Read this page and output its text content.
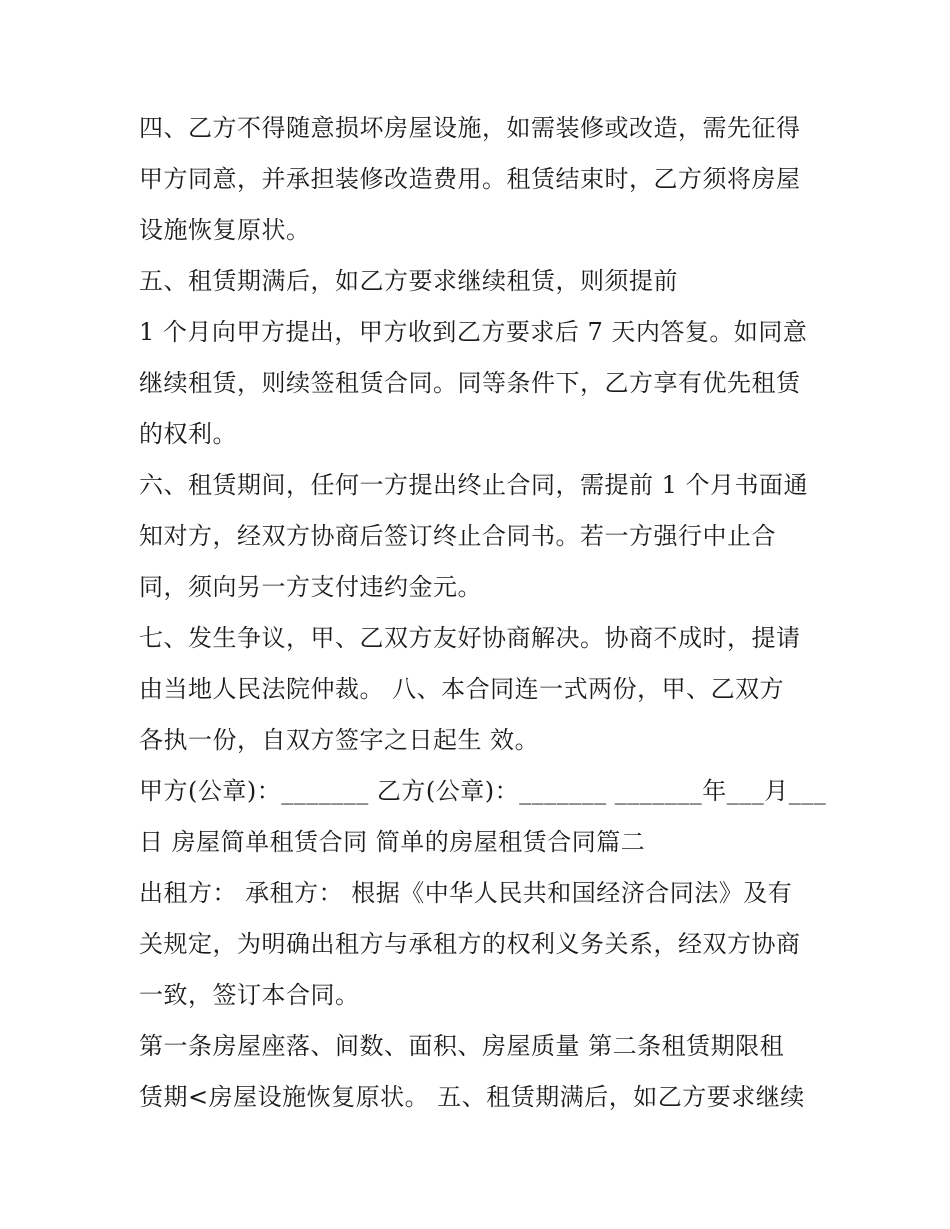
四、乙方不得随意损坏房屋设施，如需装修或改造，需先征得
甲方同意，并承担装修改造费用。租赁结束时，乙方须将房屋
设施恢复原状。
五、租赁期满后，如乙方要求继续租赁，则须提前
1 个月向甲方提出，甲方收到乙方要求后 7 天内答复。如同意
继续租赁，则续签租赁合同。同等条件下，乙方享有优先租赁
的权利。
六、租赁期间，任何一方提出终止合同，需提前 1 个月书面通
知对方，经双方协商后签订终止合同书。若一方强行中止合
同，须向另一方支付违约金元。
七、发生争议，甲、乙双方友好协商解决。协商不成时，提请
由当地人民法院仲裁。 八、本合同连一式两份，甲、乙双方
各执一份，自双方签字之日起生 效。
甲方(公章)：_______ 乙方(公章)：_______ _______年___月___
日 房屋简单租赁合同 简单的房屋租赁合同篇二
出租方： 承租方： 根据《中华人民共和国经济合同法》及有
关规定，为明确出租方与承租方的权利义务关系，经双方协商
一致，签订本合同。
第一条房屋座落、间数、面积、房屋质量 第二条租赁期限租
赁期<房屋设施恢复原状。 五、租赁期满后，如乙方要求继续
